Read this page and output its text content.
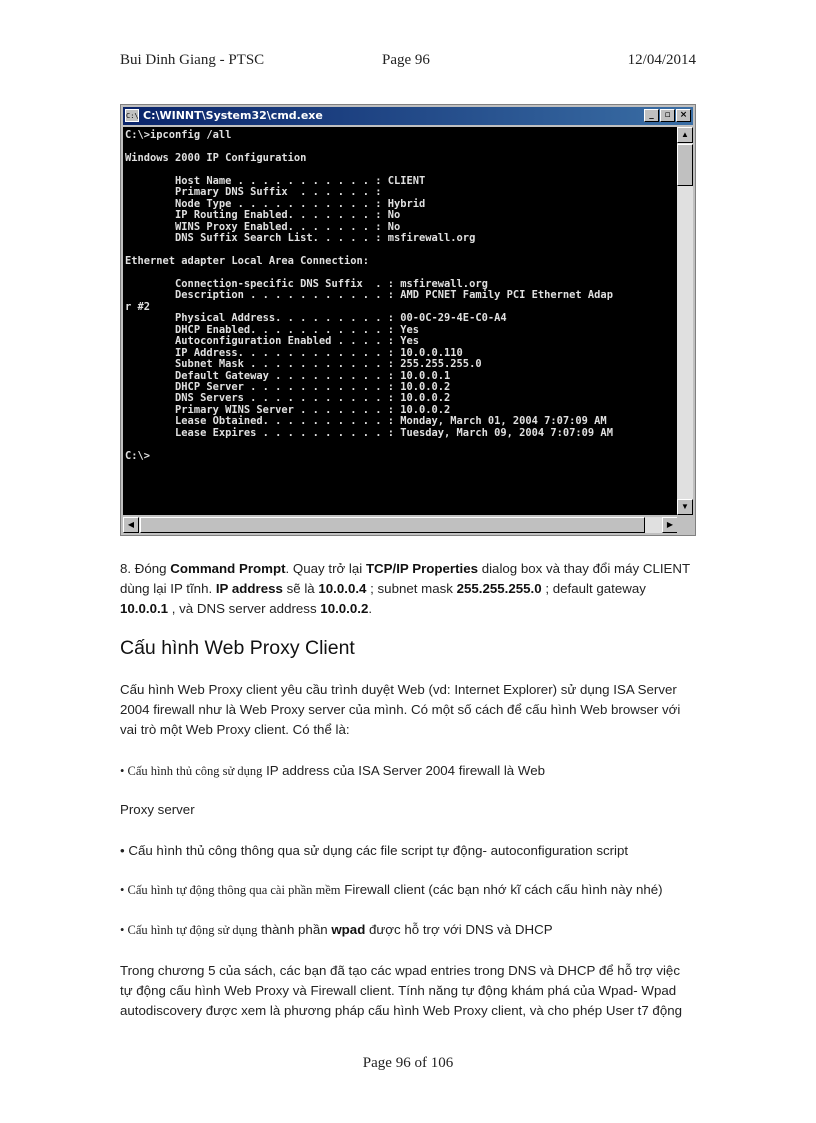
Bui Dinh Giang - PTSC	Page 96	12/04/2014
C:\ C:\WINNT\System32\cmd.exe	_	▫	×
C:\>ipconfig /all

Windows 2000 IP Configuration

Host Name . . . . . . . . . . . : CLIENT
Primary DNS Suffix  . . . . . . :
Node Type . . . . . . . . . . . : Hybrid
IP Routing Enabled. . . . . . . : No
WINS Proxy Enabled. . . . . . . : No
DNS Suffix Search List. . . . . : msfirewall.org

Ethernet adapter Local Area Connection:

Connection-specific DNS Suffix  . : msfirewall.org
Description . . . . . . . . . . . : AMD PCNET Family PCI Ethernet Adap
r #2
Physical Address. . . . . . . . . : 00-0C-29-4E-C0-A4
DHCP Enabled. . . . . . . . . . . : Yes
Autoconfiguration Enabled . . . . : Yes
IP Address. . . . . . . . . . . . : 10.0.0.110
Subnet Mask . . . . . . . . . . . : 255.255.255.0
Default Gateway . . . . . . . . . : 10.0.0.1
DHCP Server . . . . . . . . . . . : 10.0.0.2
DNS Servers . . . . . . . . . . . : 10.0.0.2
Primary WINS Server . . . . . . . : 10.0.0.2
Lease Obtained. . . . . . . . . . : Monday, March 01, 2004 7:07:09 AM
Lease Expires . . . . . . . . . . : Tuesday, March 09, 2004 7:07:09 AM

C:\>
▲
▼
◀	▶
8. Đóng Command Prompt. Quay trở lại TCP/IP Properties dialog box và thay đổi máy CLIENT dùng lại IP tĩnh. IP address sẽ là 10.0.0.4 ; subnet mask 255.255.255.0 ; default gateway 10.0.0.1 , và DNS server address 10.0.0.2.
Cấu hình Web Proxy Client
Cấu hình Web Proxy client yêu cầu trình duyệt Web (vd: Internet Explorer) sử dụng ISA Server 2004 firewall như là Web Proxy server của mình. Có một số cách để cấu hình Web browser với vai trò một Web Proxy client. Có thể là:
• Cấu hình thủ công sử dụng IP address của ISA Server 2004 firewall là Web
Proxy server
• Cấu hình thủ công thông qua sử dụng các file script tự động- autoconfiguration script
• Cấu hình tự động thông qua cài phần mềm Firewall client (các bạn nhớ kĩ cách cấu hình này nhé)
• Cấu hình tự động sử dụng thành phần wpad được hỗ trợ với DNS và DHCP
Trong chương 5 của sách, các bạn đã tạo các wpad entries trong DNS và DHCP để hỗ trợ việc tự động cấu hình Web Proxy và Firewall client. Tính năng tự động khám phá của Wpad- Wpad autodiscovery được xem là phương pháp cấu hình Web Proxy client, và cho phép User t7 động
Page 96 of 106
